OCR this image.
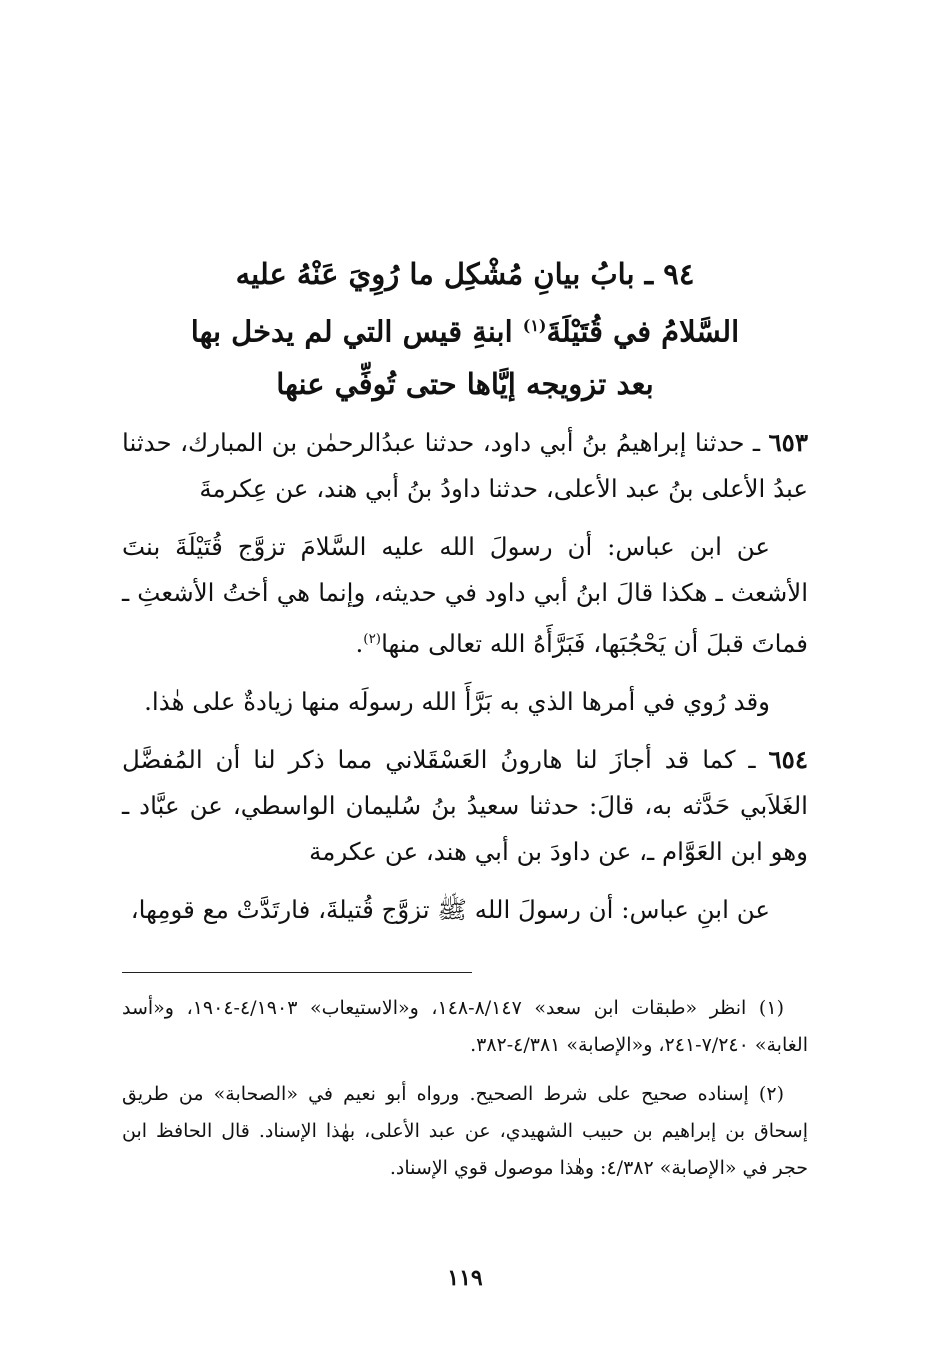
٩٤ ـ بابُ بيانِ مُشْكِل ما رُوِيَ عَنْهُ عليه
السَّلامُ في قُتَيْلَةَ$^{(١)}$ ابنةِ قيس التي لم يدخل بها
بعد تزويجه إيَّاها حتى تُوفِّي عنها

٦٥٣ ـ حدثنا إبراهيمُ بنُ أبي داود، حدثنا عبدُالرحمٰن بن المبارك، حدثنا عبدُ الأعلى بنُ عبد الأعلى، حدثنا داودُ بنُ أبي هند، عن عِكرمةَ

عن ابن عباس: أن رسولَ الله عليه السَّلامَ تزوَّج قُتَيْلَةَ بنتَ الأشعث ـ هكذا قالَ ابنُ أبي داود في حديثه، وإنما هي أختُ الأشعثِ ـ فماتَ قبلَ أن يَحْجُبَها، فَبَرَّأَهُ الله تعالى منها$^{(٢)}$.

وقد رُوي في أمرها الذي به بَرَّأَ الله رسولَه منها زيادةٌ على هٰذا.

٦٥٤ ـ كما قد أجازَ لنا هارونُ العَسْقَلاني مما ذكر لنا أن المُفضَّل الغَلاَبي حَدَّثه به، قالَ: حدثنا سعيدُ بنُ سُليمان الواسطي، عن عبَّاد ـ وهو ابن العَوَّام ـ، عن داودَ بن أبي هند، عن عكرمة

عن ابنِ عباس: أن رسولَ الله ﷺ تزوَّج قُتيلةَ، فارتَدَّتْ مع قومِها،

(١) انظر «طبقات ابن سعد» ٨/١٤٧-١٤٨، و«الاستيعاب» ٤/١٩٠٣-١٩٠٤، و«أسد الغابة» ٧/٢٤٠-٢٤١، و«الإصابة» ٤/٣٨١-٣٨٢.

(٢) إسناده صحيح على شرط الصحيح. ورواه أبو نعيم في «الصحابة» من طريق إسحاق بن إبراهيم بن حبيب الشهيدي، عن عبد الأعلى، بهٰذا الإسناد. قال الحافظ ابن حجر في «الإصابة» ٤/٣٨٢: وهٰذا موصول قوي الإسناد.

١١٩
